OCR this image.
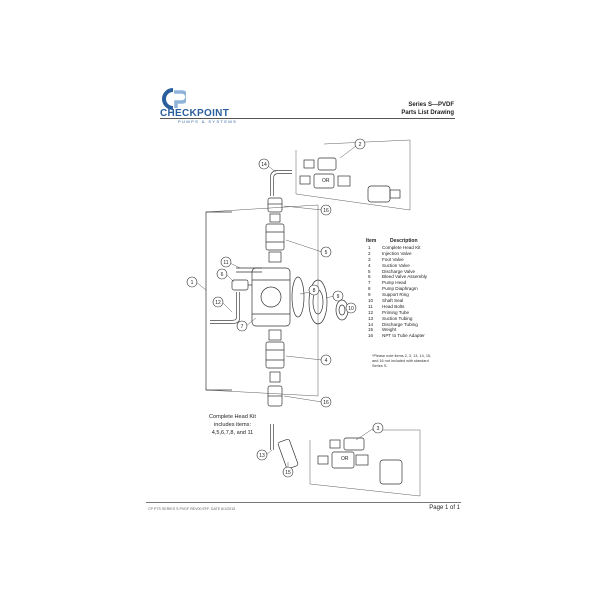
CHECKPOINT
PUMPS & SYSTEMS
Series S—PVDF
Parts List Drawing
OR
OR
2
14
16
5
1
11
6
12
7
8
9
10
4
16
3
13
15
Item	Description
1 Complete Head Kit
2 Injection Valve
3 Foot Valve
4 Suction Valve
5 Discharge Valve
6 Bleed Valve Assembly
7 Pump Head
8 Pump Diaphragm
9 Support Ring
10 Shaft Seal
11 Head Bolts
12 Priming Tube
13 Suction Tubing
14 Discharge Tubing
15 Weight
16 NPT to Tube Adapter
*Please note items 2, 3, 13, 14, 15, and 16 not included with standard Series S.
Complete Head Kit
includes items:
4,5,6,7,8, and 11
CP PTS SERIES S PVDF REV00 EFF. DATE 6/1/2015	Page 1 of 1
